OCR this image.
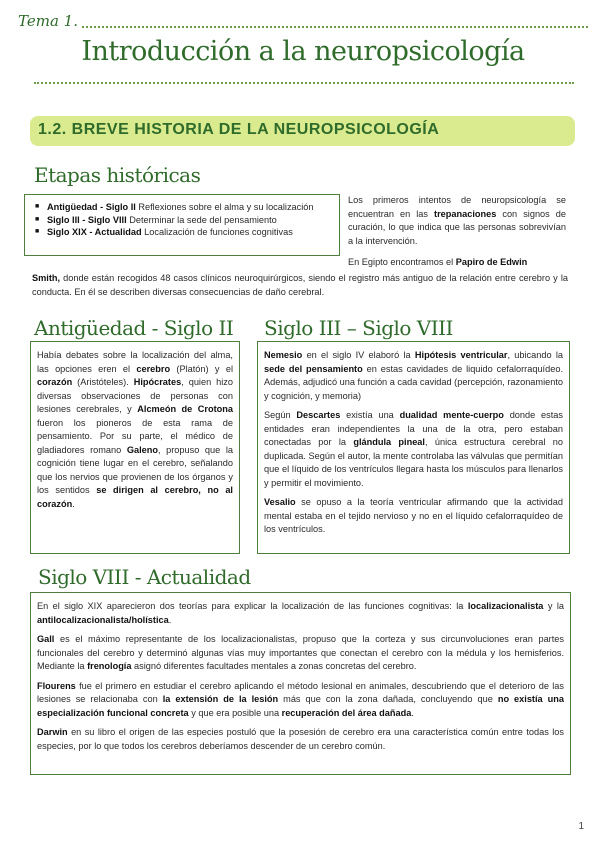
Tema 1.
Introducción a la neuropsicología
1.2. BREVE HISTORIA DE LA NEUROPSICOLOGÍA
Etapas históricas
■ Antigüedad - Siglo II Reflexiones sobre el alma y su localización
■ Siglo III - Siglo VIII Determinar la sede del pensamiento
■ Siglo XIX - Actualidad Localización de funciones cognitivas

Los primeros intentos de neuropsicología se encuentran en las trepanaciones con signos de curación, lo que indica que las personas sobrevivían a la intervención.

En Egipto encontramos el Papiro de Edwin

Smith, donde están recogidos 48 casos clínicos neuroquirúrgicos, siendo el registro más antiguo de la relación entre cerebro y la conducta. En él se describen diversas consecuencias de daño cerebral.

Antigüedad - Siglo II

Había debates sobre la localización del alma, las opciones eren el cerebro (Platón) y el corazón (Aristóteles). Hipócrates, quien hizo diversas observaciones de personas con lesiones cerebrales, y Alcmeón de Crotona fueron los pioneros de esta rama de pensamiento. Por su parte, el médico de gladiadores romano Galeno, propuso que la cognición tiene lugar en el cerebro, señalando que los nervios que provienen de los órganos y los sentidos se dirigen al cerebro, no al corazón.

Siglo III – Siglo VIII

Nemesio en el siglo IV elaboró la Hipótesis ventricular, ubicando la sede del pensamiento en estas cavidades de liquido cefalorraquídeo. Además, adjudicó una función a cada cavidad (percepción, razonamiento y cognición, y memoria)

Según Descartes existía una dualidad mente-cuerpo donde estas entidades eran independientes la una de la otra, pero estaban conectadas por la glándula pineal, única estructura cerebral no duplicada. Según el autor, la mente controlaba las válvulas que permitían que el líquido de los ventrículos llegara hasta los músculos para llenarlos y permitir el movimiento.

Vesalio se opuso a la teoría ventricular afirmando que la actividad mental estaba en el tejido nervioso y no en el líquido cefalorraquídeo de los ventrículos.

Siglo VIII - Actualidad

En el siglo XIX aparecieron dos teorías para explicar la localización de las funciones cognitivas: la localizacionalista y la antilocalizacionalista/holística.

Gall es el máximo representante de los localizacionalistas, propuso que la corteza y sus circunvoluciones eran partes funcionales del cerebro y determinó algunas vías muy importantes que conectan el cerebro con la médula y los hemisferios. Mediante la frenología asignó diferentes facultades mentales a zonas concretas del cerebro.

Flourens fue el primero en estudiar el cerebro aplicando el método lesional en animales, descubriendo que el deterioro de las lesiones se relacionaba con la extensión de la lesión más que con la zona dañada, concluyendo que no existía una especialización funcional concreta y que era posible una recuperación del área dañada.

Darwin en su libro el origen de las especies postuló que la posesión de cerebro era una característica común entre todas los especies, por lo que todos los cerebros deberíamos descender de un cerebro común.

1
